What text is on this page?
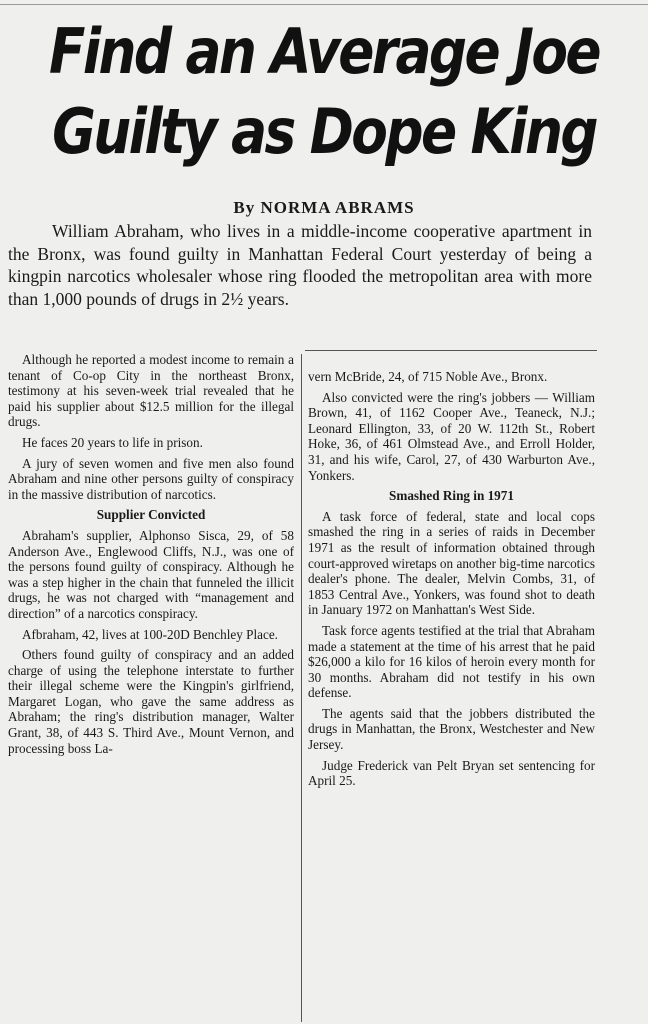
Find an Average Joe
Guilty as Dope King
By NORMA ABRAMS

William Abraham, who lives in a middle-income cooperative apartment in the Bronx, was found guilty in Manhattan Federal Court yesterday of being a kingpin narcotics wholesaler whose ring flooded the metropolitan area with more than 1,000 pounds of drugs in 2½ years.

Although he reported a modest income to remain a tenant of Co-op City in the northeast Bronx, testimony at his seven-week trial revealed that he paid his supplier about $12.5 million for the illegal drugs.

He faces 20 years to life in prison.

A jury of seven women and five men also found Abraham and nine other persons guilty of conspiracy in the massive distribution of narcotics.

Supplier Convicted

Abraham's supplier, Alphonso Sisca, 29, of 58 Anderson Ave., Englewood Cliffs, N.J., was one of the persons found guilty of conspiracy. Although he was a step higher in the chain that funneled the illicit drugs, he was not charged with “management and direction” of a narcotics conspiracy.

Afbraham, 42, lives at 100-20D Benchley Place.

Others found guilty of conspiracy and an added charge of using the telephone interstate to further their illegal scheme were the Kingpin's girlfriend, Margaret Logan, who gave the same address as Abraham; the ring's distribution manager, Walter Grant, 38, of 443 S. Third Ave., Mount Vernon, and processing boss La-

vern McBride, 24, of 715 Noble Ave., Bronx.

Also convicted were the ring's jobbers — William Brown, 41, of 1162 Cooper Ave., Teaneck, N.J.; Leonard Ellington, 33, of 20 W. 112th St., Robert Hoke, 36, of 461 Olmstead Ave., and Erroll Holder, 31, and his wife, Carol, 27, of 430 Warburton Ave., Yonkers.

Smashed Ring in 1971

A task force of federal, state and local cops smashed the ring in a series of raids in December 1971 as the result of information obtained through court-approved wiretaps on another big-time narcotics dealer's phone. The dealer, Melvin Combs, 31, of 1853 Central Ave., Yonkers, was found shot to death in January 1972 on Manhattan's West Side.

Task force agents testified at the trial that Abraham made a statement at the time of his arrest that he paid $26,000 a kilo for 16 kilos of heroin every month for 30 months. Abraham did not testify in his own defense.

The agents said that the jobbers distributed the drugs in Manhattan, the Bronx, Westchester and New Jersey.

Judge Frederick van Pelt Bryan set sentencing for April 25.
